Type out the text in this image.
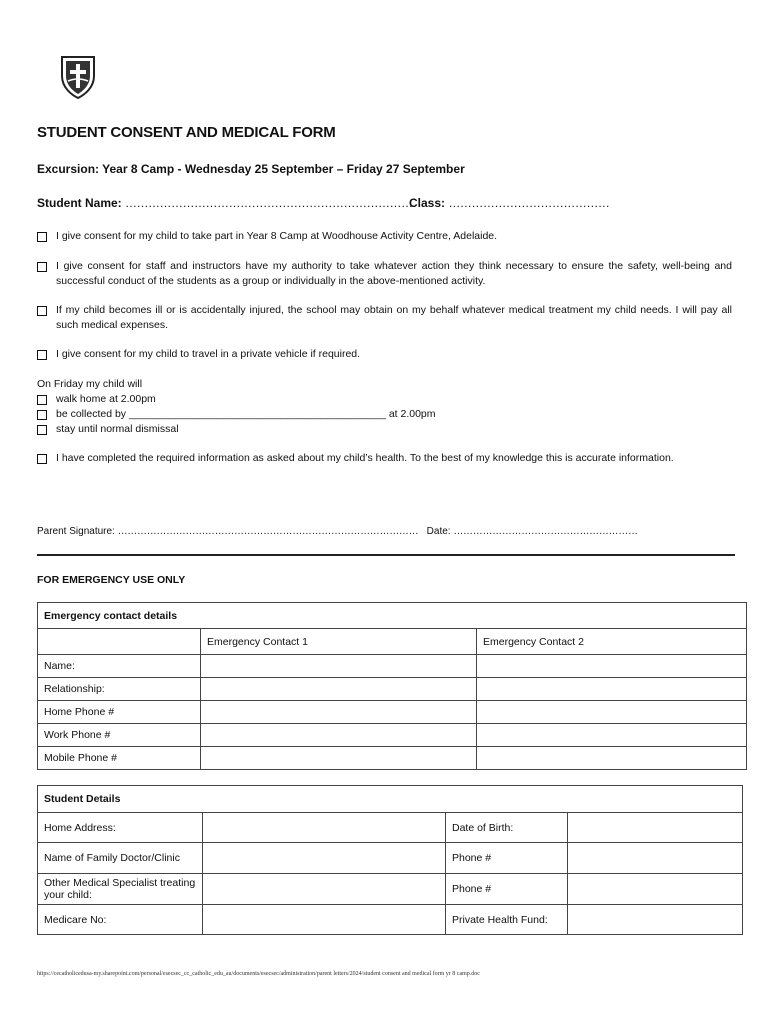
STUDENT CONSENT AND MEDICAL FORM
Excursion: Year 8 Camp - Wednesday 25 September – Friday 27 September
Student Name: ………………………………………………………………….
Class: ……………………………………
I give consent for my child to take part in Year 8 Camp at Woodhouse Activity Centre, Adelaide.
I give consent for staff and instructors have my authority to take whatever action they think necessary to ensure the safety, well-being and successful conduct of the students as a group or individually in the above-mentioned activity.
If my child becomes ill or is accidentally injured, the school may obtain on my behalf whatever medical treatment my child needs. I will pay all such medical expenses.
I give consent for my child to travel in a private vehicle if required.
On Friday my child will
walk home at 2.00pm
be collected by ____________________________________________ at 2.00pm
stay until normal dismissal
I have completed the required information as asked about my child’s health. To the best of my knowledge this is accurate information.
Parent Signature: ………………………………………………………………………………… Date: …………………………………………………
FOR EMERGENCY USE ONLY
Emergency contact details		
	Emergency Contact 1	Emergency Contact 2
Name:		
Relationship:		
Home Phone #		
Work Phone #		
Mobile Phone #		
Student Details			
Home Address:		Date of Birth:	
Name of Family Doctor/Clinic		Phone #	
Other Medical Specialist treating your child:		Phone #	
Medicare No:		Private Health Fund:	
https://cecatholicedusa-my.sharepoint.com/personal/esecsec_cc_catholic_edu_au/documents/esecsec/administration/parent letters/2024/student consent and medical form yr 8 camp.doc
